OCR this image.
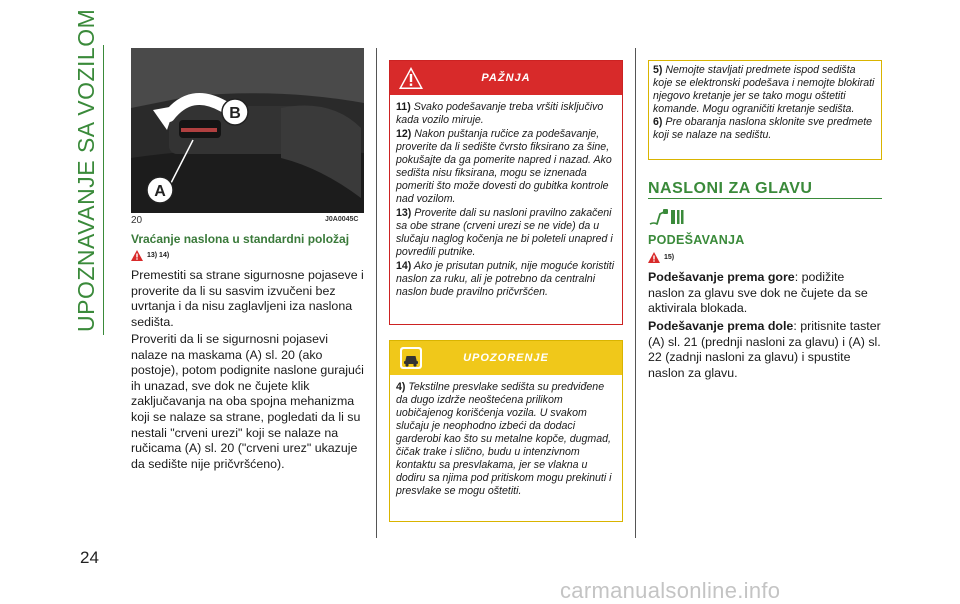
UPOZNAVANJE SA VOZILOM
24
B
A
20	J0A0045C
Vraćanje naslona u standardni položaj
13) 14)
Premestiti sa strane sigurnosne pojaseve i proverite da li su sasvim izvučeni bez uvrtanja i da nisu zaglavljeni iza naslona sedišta.
Proveriti da li se sigurnosni pojasevi nalaze na maskama (A) sl. 20 (ako postoje), potom podignite naslone gurajući ih unazad, sve dok ne čujete klik zaključavanja na oba spojna mehanizma koji se nalaze sa strane, pogledati da li su nestali "crveni urezi" koji se nalaze na ručicama (A) sl. 20 ("crveni urez" ukazuje da sedište nije pričvršćeno).
PAŽNJA
11) Svako podešavanje treba vršiti isključivo kada vozilo miruje.
12) Nakon puštanja ručice za podešavanje, proverite da li sedište čvrsto fiksirano za šine, pokušajte da ga pomerite napred i nazad. Ako sedišta nisu fiksirana, mogu se iznenada pomeriti što može dovesti do gubitka kontrole nad vozilom.
13) Proverite dali su nasloni pravilno zakačeni sa obe strane (crveni urezi se ne vide) da u slučaju naglog kočenja ne bi poleteli unapred i povredili putnike.
14) Ako je prisutan putnik, nije moguće koristiti naslon za ruku, ali je potrebno da centralni naslon bude pravilno pričvršćen.
UPOZORENJE
4) Tekstilne presvlake sedišta su predviđene da dugo izdrže neoštećena prilikom uobičajenog korišćenja vozila. U svakom slučaju je neophodno izbeći da dodaci garderobi kao što su metalne kopče, dugmad, čičak trake i slično, budu u intenzivnom kontaktu sa presvlakama, jer se vlakna u dodiru sa njima pod pritiskom mogu prekinuti i presvlake se mogu oštetiti.
5) Nemojte stavljati predmete ispod sedišta koje se elektronski podešava i nemojte blokirati njegovo kretanje jer se tako mogu oštetiti komande. Mogu ograničiti kretanje sedišta.
6) Pre obaranja naslona sklonite sve predmete koji se nalaze na sedištu.
NASLONI ZA GLAVU
PODEŠAVANJA
15)
Podešavanje prema gore: podižite naslon za glavu sve dok ne čujete da se aktivirala blokada.
Podešavanje prema dole: pritisnite taster (A) sl. 21 (prednji nasloni za glavu) i (A) sl. 22 (zadnji nasloni za glavu) i spustite naslon za glavu.
carmanualsonline.info
